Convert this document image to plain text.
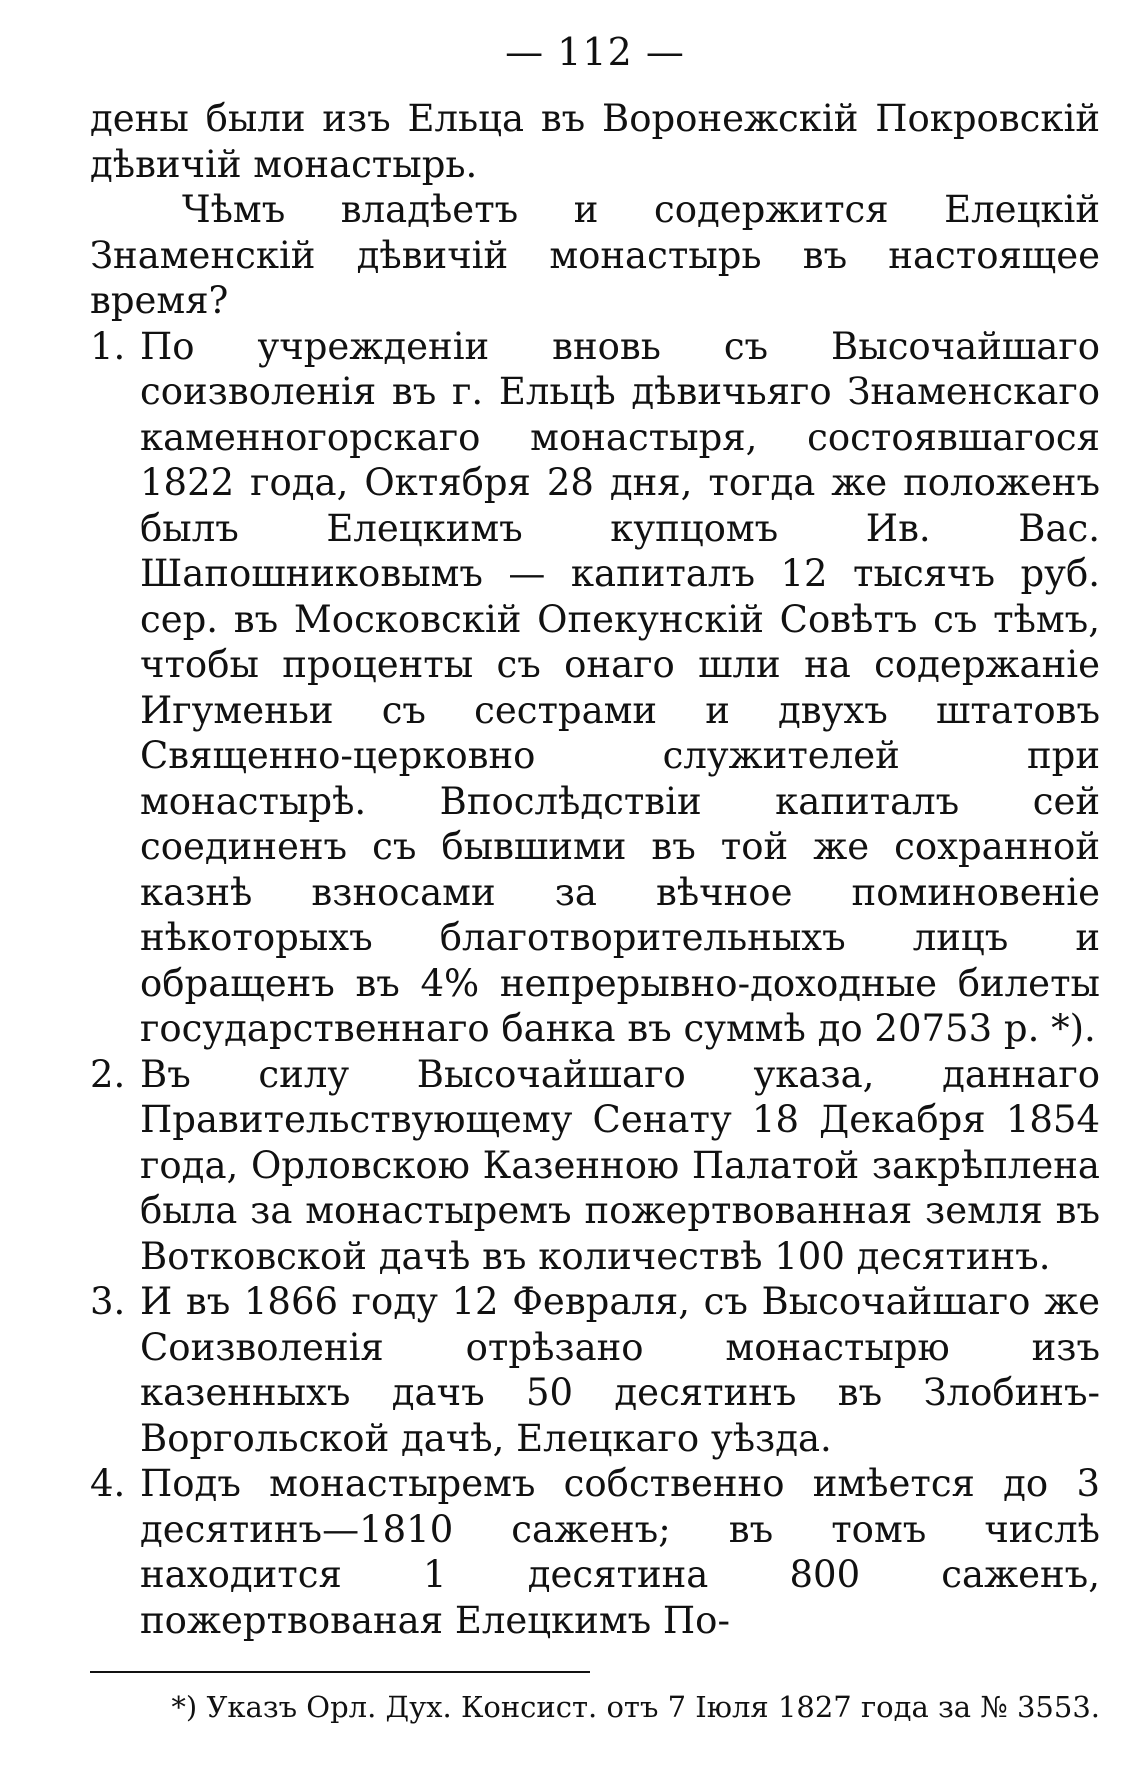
— 112 —

дены были изъ Ельца въ Воронежскій Покровскій дѣвичій монастырь.

Чѣмъ владѣетъ и содержится Елецкій Знаменскій дѣвичій монастырь въ настоящее время?

1. По учрежденіи вновь съ Высочайшаго соизволенія въ г. Ельцѣ дѣвичьяго Знаменскаго каменногорскаго монастыря, состоявшагося 1822 года, Октября 28 дня, тогда же положенъ былъ Елецкимъ купцомъ Ив. Вас. Шапошниковымъ — капиталъ 12 тысячъ руб. сер. въ Московскій Опекунскій Совѣтъ съ тѣмъ, чтобы проценты съ онаго шли на содержаніе Игуменьи съ сестрами и двухъ штатовъ Священно-церковно служителей при монастырѣ. Впослѣдствіи капиталъ сей соединенъ съ бывшими въ той же сохранной казнѣ взносами за вѣчное поминовеніе нѣкоторыхъ благотворительныхъ лицъ и обращенъ въ 4% непрерывно-доходные билеты государственнаго банка въ суммѣ до 20753 р. *).
2. Въ силу Высочайшаго указа, даннаго Правительствующему Сенату 18 Декабря 1854 года, Орловскою Казенною Палатой закрѣплена была за монастыремъ пожертвованная земля въ Вотковской дачѣ въ количествѣ 100 десятинъ.
3. И въ 1866 году 12 Февраля, съ Высочайшаго же Соизволенія отрѣзано монастырю изъ казенныхъ дачъ 50 десятинъ въ Злобинъ-Воргольской дачѣ, Елецкаго уѣзда.
4. Подъ монастыремъ собственно имѣется до 3 десятинъ—1810 саженъ; въ томъ числѣ находится 1 десятина 800 саженъ, пожертвованая Елецкимъ По-
*) Указъ Орл. Дух. Консист. отъ 7 Іюля 1827 года за № 3553.
